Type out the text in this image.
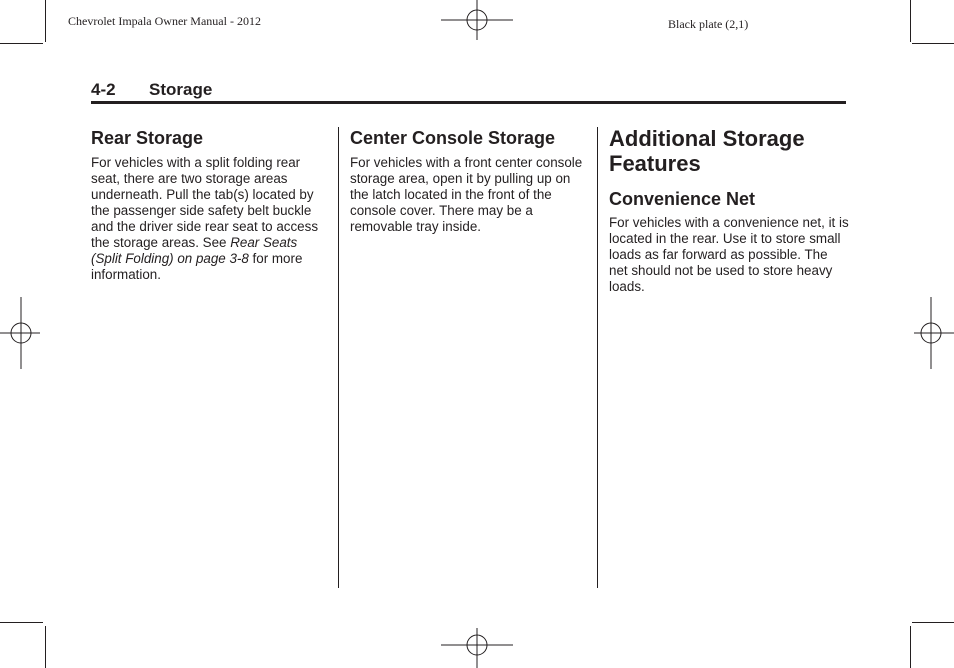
Chevrolet Impala Owner Manual - 2012	Black plate (2,1)
4-2 Storage
Rear Storage

For vehicles with a split folding rear seat, there are two storage areas underneath. Pull the tab(s) located by the passenger side safety belt buckle and the driver side rear seat to access the storage areas. See Rear Seats (Split Folding) on page 3-8 for more information.

Center Console Storage

For vehicles with a front center console storage area, open it by pulling up on the latch located in the front of the console cover. There may be a removable tray inside.

Additional Storage Features
Convenience Net

For vehicles with a convenience net, it is located in the rear. Use it to store small loads as far forward as possible. The net should not be used to store heavy loads.
